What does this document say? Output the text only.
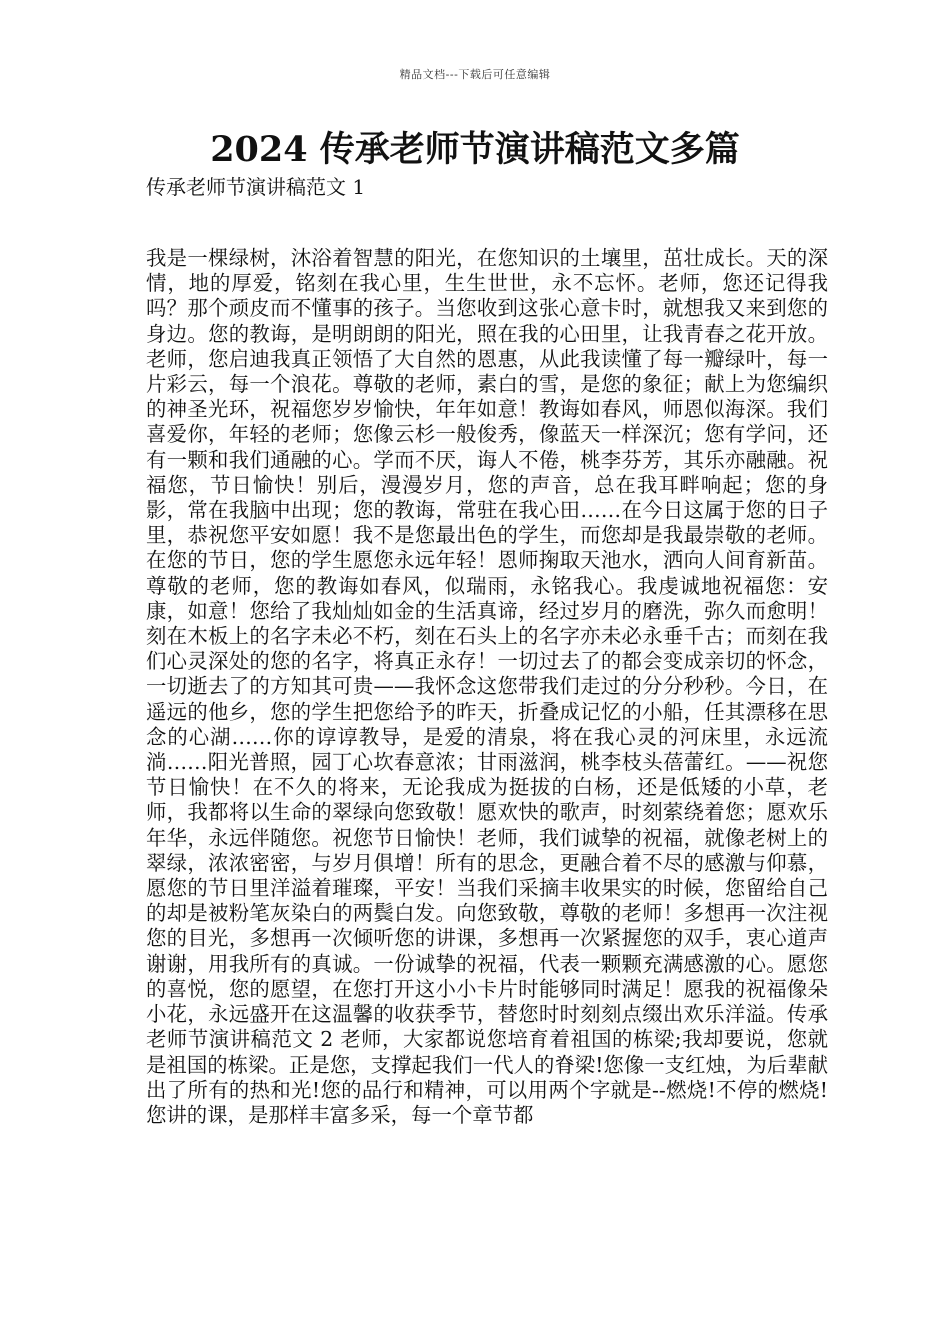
精品文档---下载后可任意编辑
2024 传承老师节演讲稿范文多篇
传承老师节演讲稿范文 1
我是一棵绿树，沐浴着智慧的阳光，在您知识的土壤里，茁壮成长。天的深情，地的厚爱，铭刻在我心里，生生世世，永不忘怀。老师，您还记得我吗？那个顽皮而不懂事的孩子。当您收到这张心意卡时，就想我又来到您的身边。您的教诲，是明朗朗的阳光，照在我的心田里，让我青春之花开放。老师，您启迪我真正领悟了大自然的恩惠，从此我读懂了每一瓣绿叶，每一片彩云，每一个浪花。尊敬的老师，素白的雪，是您的象征；献上为您编织的神圣光环，祝福您岁岁愉快，年年如意！教诲如春风，师恩似海深。我们喜爱你，年轻的老师；您像云杉一般俊秀，像蓝天一样深沉；您有学问，还有一颗和我们通融的心。学而不厌，诲人不倦，桃李芬芳，其乐亦融融。祝福您，节日愉快！别后，漫漫岁月，您的声音，总在我耳畔响起；您的身影，常在我脑中出现；您的教诲，常驻在我心田……在今日这属于您的日子里，恭祝您平安如愿！我不是您最出色的学生，而您却是我最崇敬的老师。在您的节日，您的学生愿您永远年轻！恩师掬取天池水，洒向人间育新苗。尊敬的老师，您的教诲如春风，似瑞雨，永铭我心。我虔诚地祝福您：安康，如意！您给了我灿灿如金的生活真谛，经过岁月的磨洗，弥久而愈明！刻在木板上的名字未必不朽，刻在石头上的名字亦未必永垂千古；而刻在我们心灵深处的您的名字，将真正永存！一切过去了的都会变成亲切的怀念，一切逝去了的方知其可贵——我怀念这您带我们走过的分分秒秒。今日，在遥远的他乡，您的学生把您给予的昨天，折叠成记忆的小船，任其漂移在思念的心湖……你的谆谆教导，是爱的清泉，将在我心灵的河床里，永远流淌……阳光普照，园丁心坎春意浓；甘雨滋润，桃李枝头蓓蕾红。——祝您节日愉快！在不久的将来，无论我成为挺拔的白杨，还是低矮的小草，老师，我都将以生命的翠绿向您致敬！愿欢快的歌声，时刻萦绕着您；愿欢乐年华，永远伴随您。祝您节日愉快！老师，我们诚挚的祝福，就像老树上的翠绿，浓浓密密，与岁月俱增！所有的思念，更融合着不尽的感激与仰慕，愿您的节日里洋溢着璀璨，平安！当我们采摘丰收果实的时候，您留给自己的却是被粉笔灰染白的两鬓白发。向您致敬，尊敬的老师！多想再一次注视您的目光，多想再一次倾听您的讲课，多想再一次紧握您的双手，衷心道声谢谢，用我所有的真诚。一份诚挚的祝福，代表一颗颗充满感激的心。愿您的喜悦，您的愿望，在您打开这小小卡片时能够同时满足！愿我的祝福像朵小花，永远盛开在这温馨的收获季节，替您时时刻刻点缀出欢乐洋溢。传承老师节演讲稿范文 2 老师，大家都说您培育着祖国的栋梁;我却要说，您就是祖国的栋梁。正是您，支撑起我们一代人的脊梁!您像一支红烛，为后辈献出了所有的热和光!您的品行和精神，可以用两个字就是--燃烧!不停的燃烧!您讲的课，是那样丰富多采，每一个章节都
